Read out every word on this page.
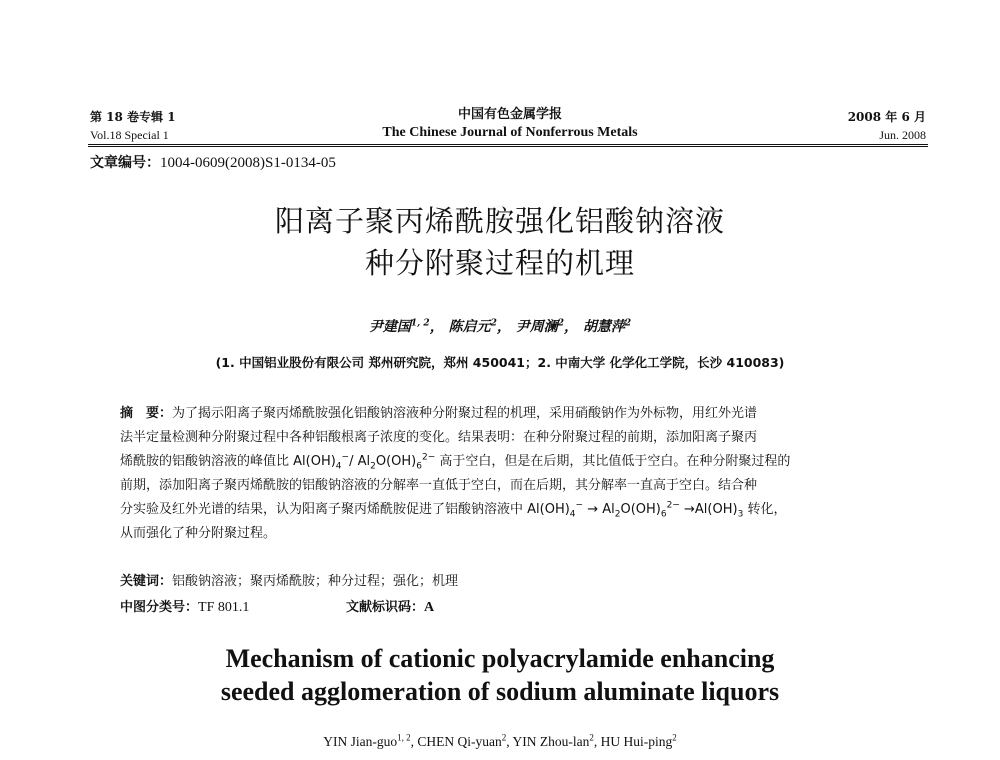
第 18 卷专辑 1
Vol.18 Special 1
中国有色金属学报
The Chinese Journal of Nonferrous Metals
2008 年 6 月
Jun. 2008
文章编号：1004-0609(2008)S1-0134-05
阳离子聚丙烯酰胺强化铝酸钠溶液
种分附聚过程的机理
尹建国$^{1, 2}$， 陈启元$^2$， 尹周澜$^2$， 胡慧萍$^2$
(1. 中国铝业股份有限公司 郑州研究院，郑州 450041；2. 中南大学 化学化工学院，长沙 410083)
摘　要：为了揭示阳离子聚丙烯酰胺强化铝酸钠溶液种分附聚过程的机理，采用硝酸钠作为外标物，用红外光谱
法半定量检测种分附聚过程中各种铝酸根离子浓度的变化。结果表明：在种分附聚过程的前期，添加阳离子聚丙
烯酰胺的铝酸钠溶液的峰值比 $Al(OH)_4^-/$ $Al_2O(OH)_6^{2-}$ 高于空白，但是在后期，其比值低于空白。在种分附聚过程的
前期，添加阳离子聚丙烯酰胺的铝酸钠溶液的分解率一直低于空白，而在后期，其分解率一直高于空白。结合种
分实验及红外光谱的结果，认为阳离子聚丙烯酰胺促进了铝酸钠溶液中 $Al(OH)_4^- \to Al_2O(OH)_6^{2-} \to Al(OH)_3$ 转化，
从而强化了种分附聚过程。
关键词：铝酸钠溶液；聚丙烯酰胺；种分过程；强化；机理
中图分类号：TF 801.1	文献标识码：A
Mechanism of cationic polyacrylamide enhancing
seeded agglomeration of sodium aluminate liquors
YIN Jian-guo$^{1, 2}$, CHEN Qi-yuan$^2$, YIN Zhou-lan$^2$, HU Hui-ping$^2$
